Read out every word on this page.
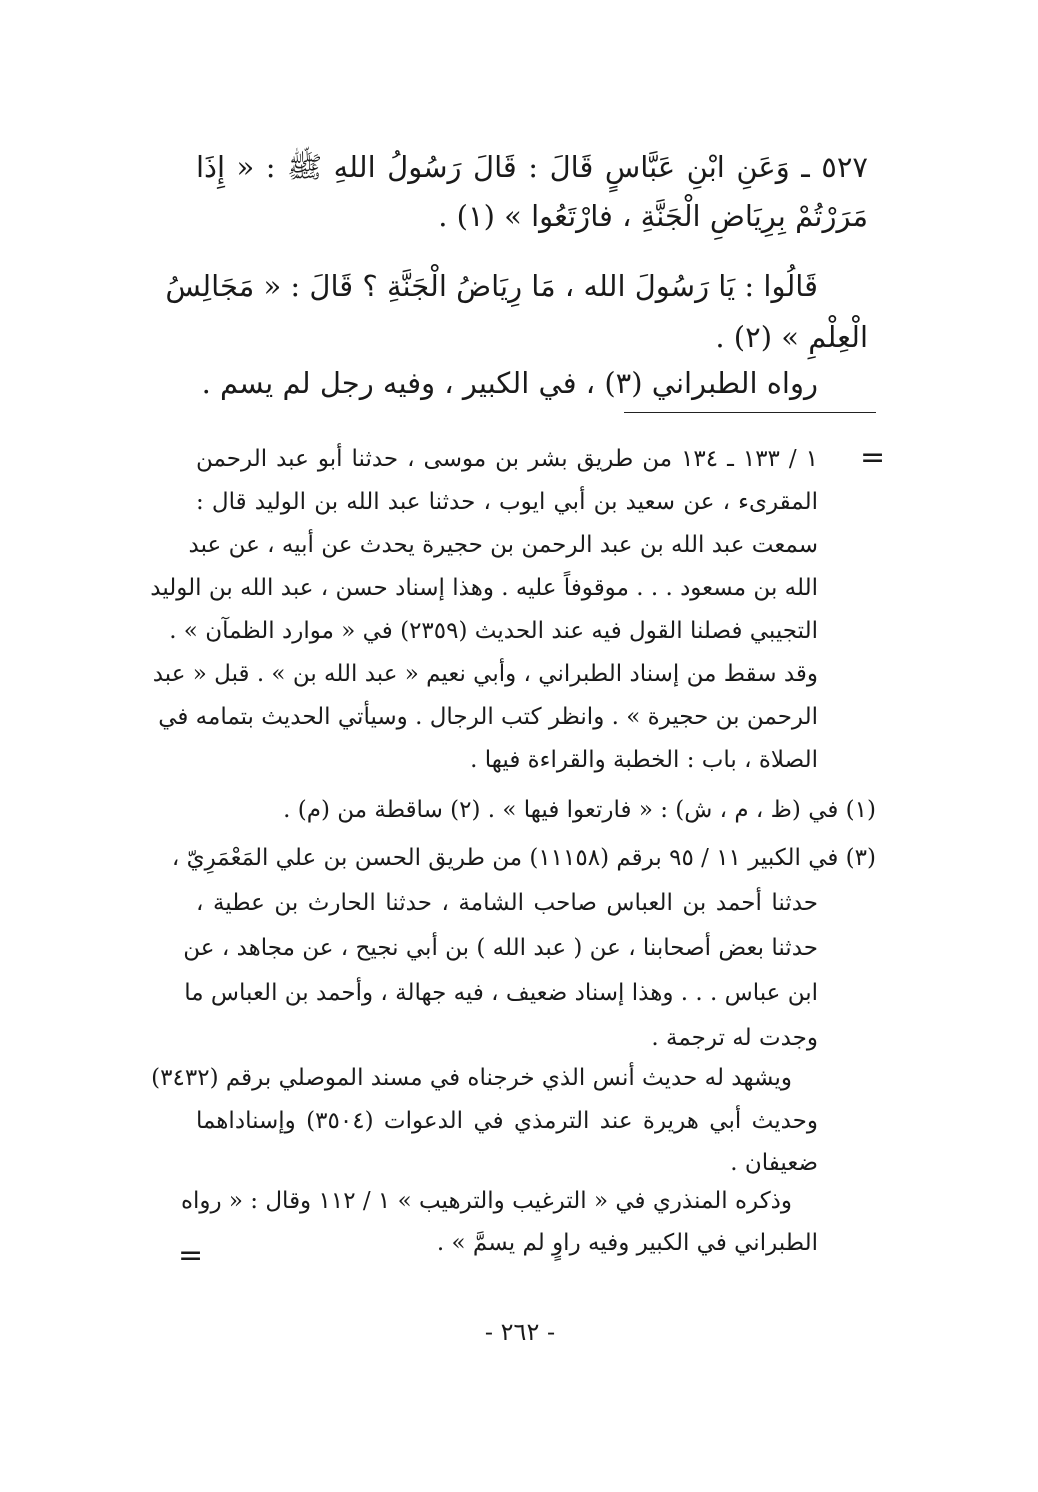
٥٢٧ ـ وَعَنِ ابْنِ عَبَّاسٍ قَالَ : قَالَ رَسُولُ اللهِ ﷺ : « إِذَا
مَرَرْتُمْ بِرِيَاضِ الْجَنَّةِ ، فارْتَعُوا » (١) .
قَالُوا : يَا رَسُولَ الله ، مَا رِيَاضُ الْجَنَّةِ ؟ قَالَ : « مَجَالِسُ
الْعِلْمِ » (٢) .
رواه الطبراني (٣) ، في الكبير ، وفيه رجل لم يسم .
=
١ / ١٣٣ ـ ١٣٤ من طريق بشر بن موسى ، حدثنا أبو عبد الرحمن
المقرىء ، عن سعيد بن أبي ايوب ، حدثنا عبد الله بن الوليد قال :
سمعت عبد الله بن عبد الرحمن بن حجيرة يحدث عن أبيه ، عن عبد
الله بن مسعود . . . موقوفاً عليه . وهذا إسناد حسن ، عبد الله بن الوليد
التجيبي فصلنا القول فيه عند الحديث (٢٣٥٩) في « موارد الظمآن » .
وقد سقط من إسناد الطبراني ، وأبي نعيم « عبد الله بن » . قبل « عبد
الرحمن بن حجيرة » . وانظر كتب الرجال . وسيأتي الحديث بتمامه في
الصلاة ، باب : الخطبة والقراءة فيها .
(١) في (ظ ، م ، ش) : « فارتعوا فيها » . (٢) ساقطة من (م) .
(٣) في الكبير ١١ / ٩٥ برقم (١١١٥٨) من طريق الحسن بن علي المَعْمَرِيّ ،
حدثنا أحمد بن العباس صاحب الشامة ، حدثنا الحارث بن عطية ،
حدثنا بعض أصحابنا ، عن ( عبد الله ) بن أبي نجيح ، عن مجاهد ، عن
ابن عباس . . . وهذا إسناد ضعيف ، فيه جهالة ، وأحمد بن العباس ما
وجدت له ترجمة .
ويشهد له حديث أنس الذي خرجناه في مسند الموصلي برقم (٣٤٣٢)
وحديث أبي هريرة عند الترمذي في الدعوات (٣٥٠٤) وإسناداهما
ضعيفان .
وذكره المنذري في « الترغيب والترهيب » ١ / ١١٢ وقال : « رواه
الطبراني في الكبير وفيه راوٍ لم يسمَّ » .
=
- ٢٦٢ -
